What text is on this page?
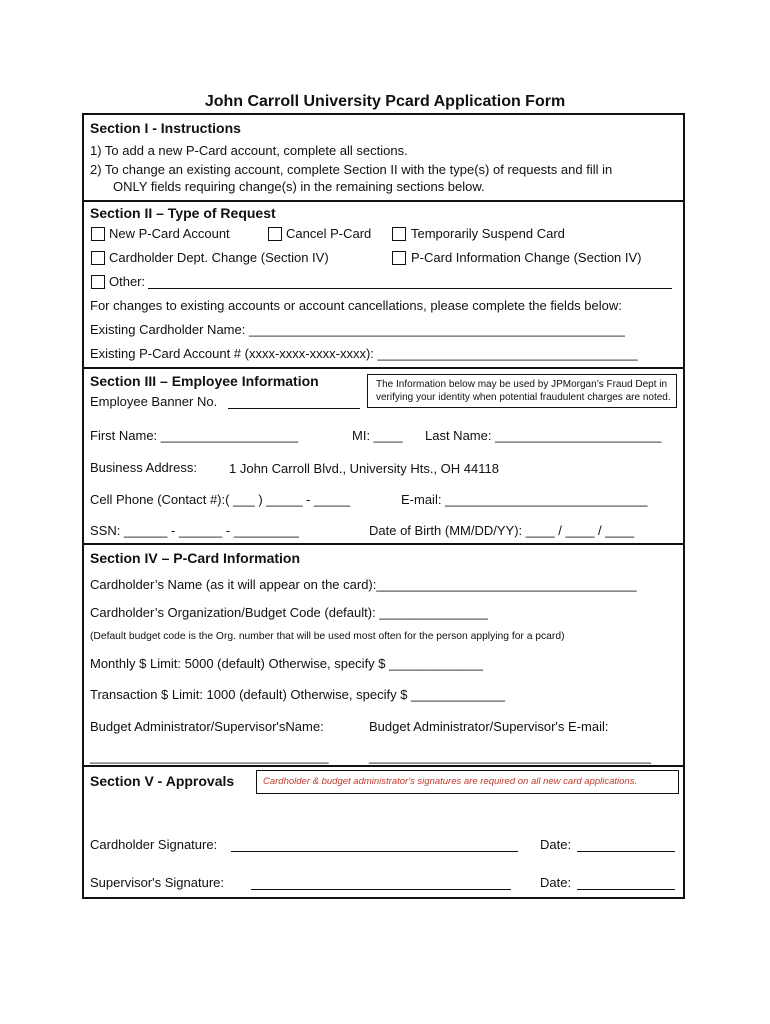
John Carroll University Pcard Application Form
Section I - Instructions
1) To add a new P-Card account, complete all sections.
2) To change an existing account, complete Section II with the type(s) of requests and fill in
ONLY fields requiring change(s) in the remaining sections below.
Section II – Type of Request
New P-Card Account	Cancel P-Card	Temporarily Suspend Card
Cardholder Dept. Change (Section IV)	P-Card Information Change (Section IV)
Other:
For changes to existing accounts or account cancellations, please complete the fields below:
Existing Cardholder Name: ____________________________________________________
Existing P-Card Account # (xxxx-xxxx-xxxx-xxxx): ____________________________________
Section III – Employee Information
Employee Banner No.
The Information below may be used by JPMorgan’s Fraud Dept in
verifying your identity when potential fraudulent charges are noted.
First Name: ___________________	MI: ____ Last Name: _______________________
Business Address: 1 John Carroll Blvd., University Hts., OH 44118
Cell Phone (Contact #):( ___ ) _____ - _____	E-mail: ____________________________
SSN: ______ - ______ - _________	Date of Birth (MM/DD/YY): ____ / ____ / ____
Section IV – P-Card Information
Cardholder’s Name (as it will appear on the card):____________________________________
Cardholder’s Organization/Budget Code (default): _______________
(Default budget code is the Org. number that will be used most often for the person applying for a pcard)
Monthly $ Limit: 5000 (default) Otherwise, specify $ _____________
Transaction $ Limit: 1000 (default) Otherwise, specify $ _____________
Budget Administrator/Supervisor'sName:	Budget Administrator/Supervisor's E-mail:
_________________________________	_______________________________________
Section V - Approvals	Cardholder & budget administrator's signatures are required on all new card applications.
Cardholder Signature:	Date:
Supervisor's Signature:	Date:
